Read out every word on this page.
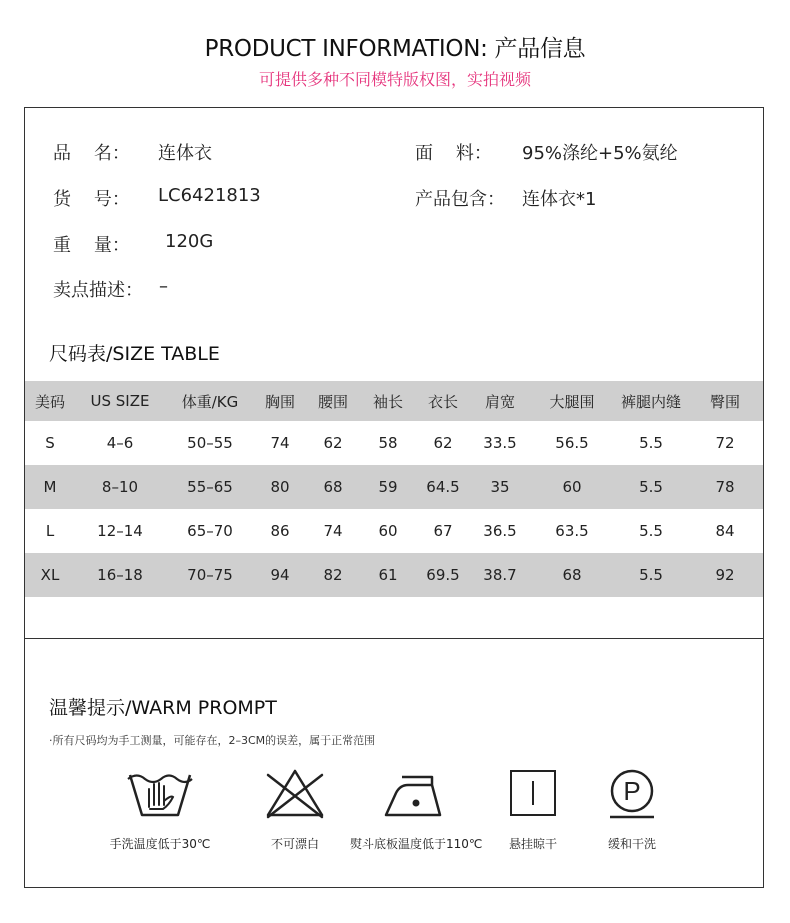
PRODUCT INFORMATION: 产品信息
可提供多种不同模特版权图，实拍视频
品    名：	连体衣	面    料：	95%涤纶+5%氨纶
货    号：	LC6421813	产品包含： 连体衣*1
重    量：	120G
卖点描述： –
尺码表/SIZE TABLE
美码	US SIZE	体重/KG	胸围	腰围	袖长	衣长	肩宽	大腿围	裤腿内缝	臀围
S	4–6	50–55	74	62	58	62	33.5	56.5	5.5	72
M	8–10	55–65	80	68	59	64.5	35	60	5.5	78
L	12–14	65–70	86	74	60	67	36.5	63.5	5.5	84
XL	16–18	70–75	94	82	61	69.5	38.7	68	5.5	92
温馨提示/WARM PROMPT
·所有尺码均为手工测量，可能存在，2–3CM的误差，属于正常范围
手洗温度低于30℃	不可漂白	熨斗底板温度低于110℃	悬挂晾干
P
缓和干洗
